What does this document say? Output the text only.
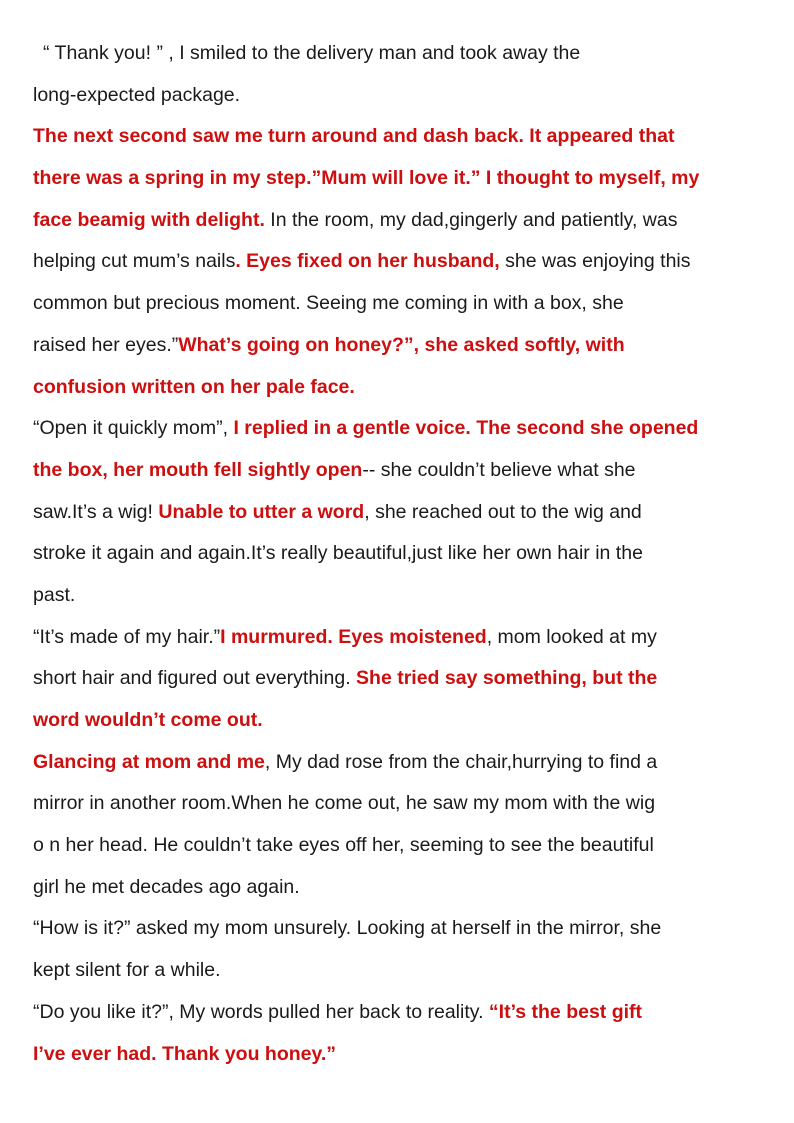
“ Thank you! ” , I smiled to the delivery man and took away the
long-expected package.
The next second saw me turn around and dash back. It appeared that
there was a spring in my step.”Mum will love it.” I thought to myself, my
face beamig with delight. In the room, my dad,gingerly and patiently, was
helping cut mum’s nails. Eyes fixed on her husband, she was enjoying this
common but precious moment. Seeing me coming in with a box, she
raised her eyes.”What’s going on honey?”, she asked softly, with
confusion written on her pale face.
“Open it quickly mom”, I replied in a gentle voice. The second she opened
the box, her mouth fell sightly open-- she couldn’t believe what she
saw.It’s a wig! Unable to utter a word, she reached out to the wig and
stroke it again and again.It’s really beautiful,just like her own hair in the
past.
“It’s made of my hair.”I murmured. Eyes moistened, mom looked at my
short hair and figured out everything. She tried say something, but the
word wouldn’t come out.
Glancing at mom and me, My dad rose from the chair,hurrying to find a
mirror in another room.When he come out, he saw my mom with the wig
o n her head. He couldn’t take eyes off her, seeming to see the beautiful
girl he met decades ago again.
“How is it?” asked my mom unsurely. Looking at herself in the mirror, she
kept silent for a while.
“Do you like it?”, My words pulled her back to reality. “It’s the best gift
I’ve ever had. Thank you honey.”
